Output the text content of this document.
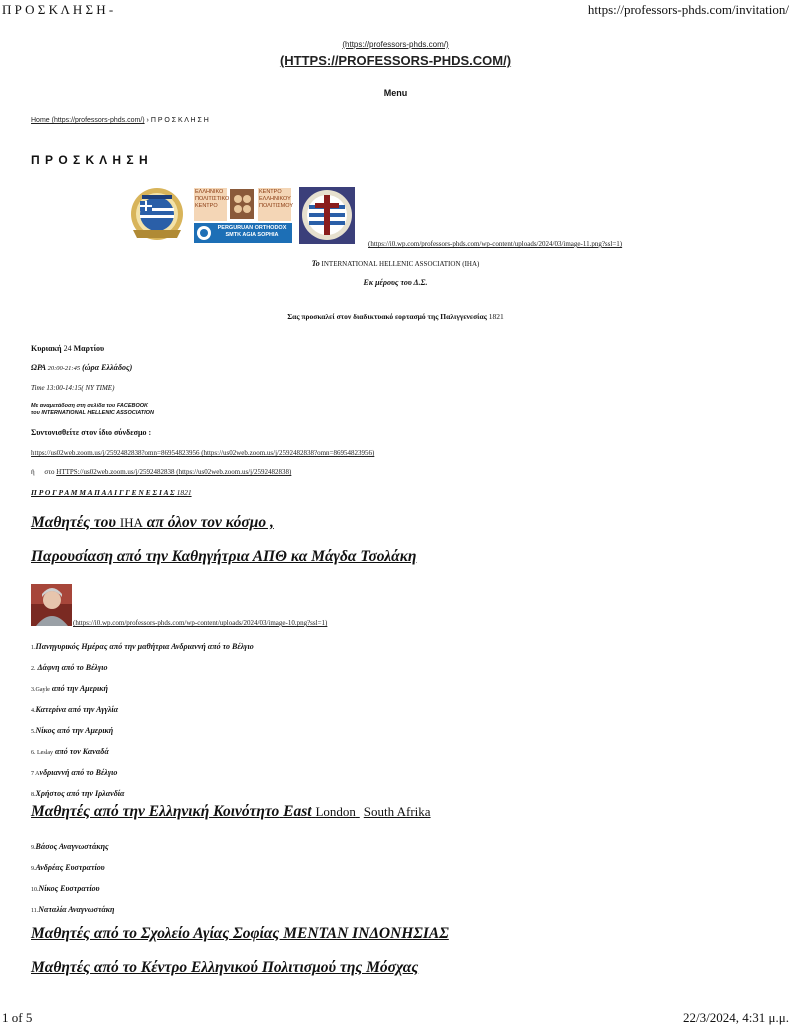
Π Ρ Ο Σ Κ Λ Η Σ Η -	https://professors-phds.com/invitation/
(https://professors-phds.com/)
(HTTPS://PROFESSORS-PHDS.COM/)
Menu
Home (https://professors-phds.com/) › Π Ρ Ο Σ Κ Λ Η Σ Η
Π Ρ Ο Σ Κ Λ Η Σ Η
ΕΛΛΗΝΙΚΟ
ΠΟΛΙΤΙΣΤΙΚΟ
ΚΕΝΤΡΟ
ΚΕΝΤΡΟ
ΕΛΛΗΝΙΚΟΥ
ΠΟΛΙΤΙΣΜΟΥ
PERGURUAN ORTHODOX
SMTK AGIA SOPHIA
(https://i0.wp.com/professors-phds.com/wp-content/uploads/2024/03/image-11.png?ssl=1)
Το INTERNATIONAL HELLENIC ASSOCIATION (IHA)
Εκ μέρους του Δ.Σ.
Σας προσκαλεί στον διαδικτυακό εορτασμό της Παλιγγενεσίας 1821
Κυριακή 24 Μαρτίου
ΩΡΑ 20:00-21:45 (ώρα Ελλάδος)
Time 13:00-14:15( NY TIME)
Με αναμετάδοση στη σελίδα του FACEBOOK
του INTERNATIONAL HELLENIC ASSOCIATION
Συντονισθείτε στον ίδιο σύνδεσμο :
https://us02web.zoom.us/j/2592482838?omn=86954823956 (https://us02web.zoom.us/j/2592482838?omn=86954823956)
ή στο HTTPS://us02web.zoom.us/j/2592482838 (https://us02web.zoom.us/j/2592482838)
Π Ρ Ο Γ Ρ Α Μ Μ Α Π Α Λ Ι Γ Γ Ε Ν Ε Σ Ι Α Σ 1821
Μαθητές του IHA απ όλον τον κόσμο ,
Παρουσίαση από την Καθηγήτρια ΑΠΘ κα Μάγδα Τσολάκη
(https://i0.wp.com/professors-phds.com/wp-content/uploads/2024/03/image-10.png?ssl=1)
1.Πανηγυρικός Ημέρας από την μαθήτρια Ανδριαννή από το Βέλγιο
2. Δάφνη από το Βέλγιο
3.Gayle από την Αμερική
4.Κατερίνα από την Αγγλία
5.Νίκος από την Αμερική
6. Leslay από τον Καναδά
7 Ανδριαννή από το Βέλγιο
8.Χρήστος από την Ιρλανδία
Μαθητές από την Ελληνική Κοινότητο East London South Afrika
9.Βάσος Αναγνωστάκης
9.Ανδρέας Ευστρατίου
10.Νίκος Ευστρατίου
11.Ναταλία Αναγνωστάκη
Μαθητές από το Σχολείο Αγίας Σοφίας ΜΕΝΤΑΝ ΙΝΔΟΝΗΣΙΑΣ
Μαθητές από το Κέντρο Ελληνικού Πολιτισμού της Μόσχας
1 of 5	22/3/2024, 4:31 μ.μ.
